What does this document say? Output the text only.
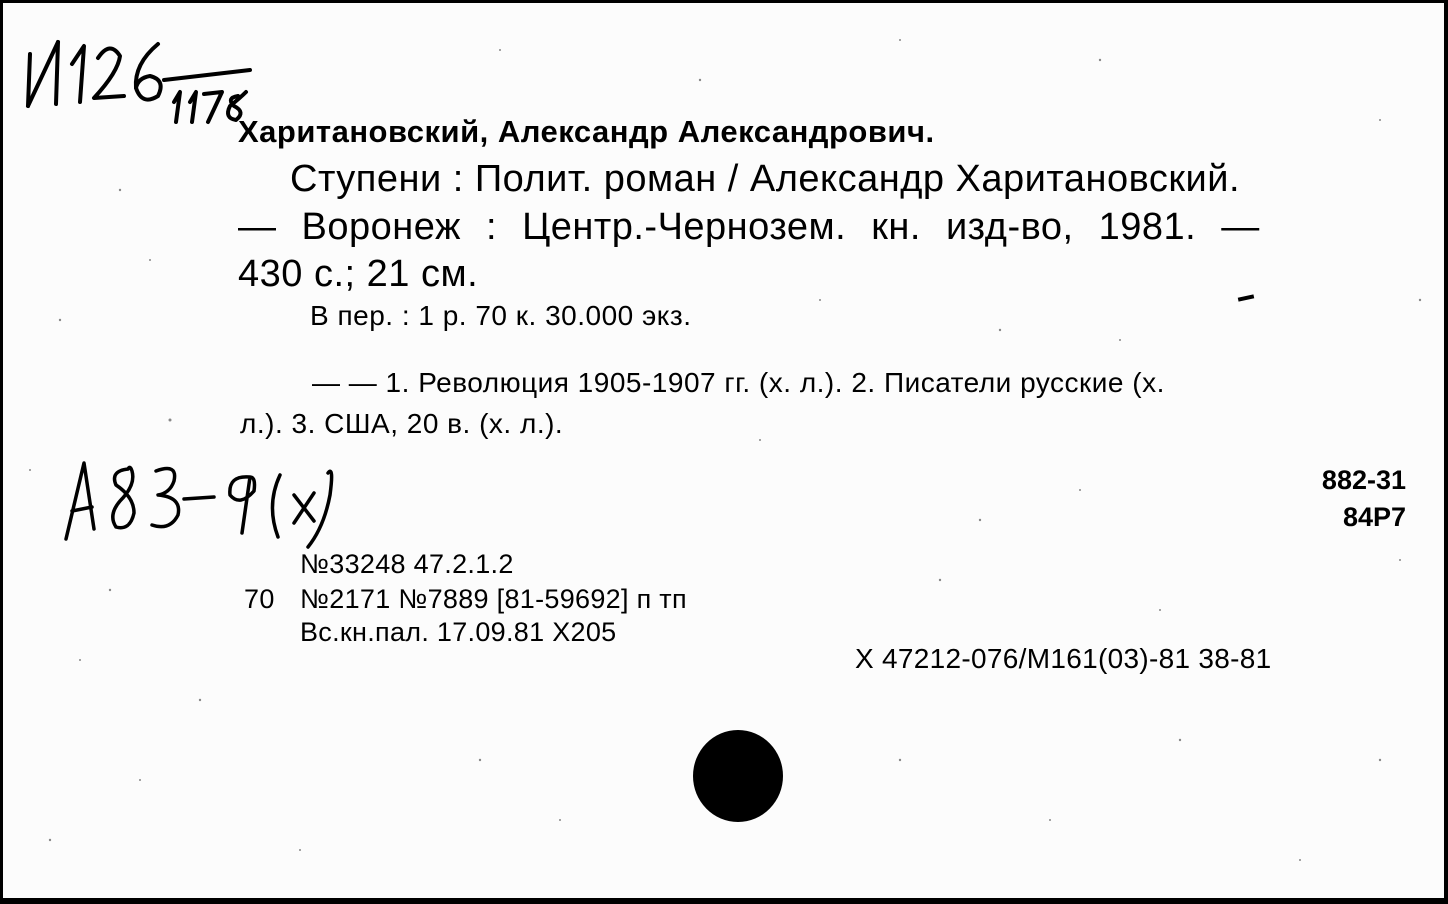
Харитановский, Александр Александрович.
Ступени : Полит. роман / Александр Харитановский.
— Воронеж : Центр.-Чернозем. кн. изд-во, 1981. —
430 с.; 21 см.
В пер. : 1 р. 70 к. 30.000 экз.
— — 1. Революция 1905-1907 гг. (х. л.). 2. Писатели русские (х.
л.). 3. США, 20 в. (х. л.).
882-31
84Р7
№33248 47.2.1.2
70 №2171 №7889 [81-59692] п тп
Вс.кн.пал. 17.09.81 Х205
Х 47212-076/М161(03)-81 38-81
